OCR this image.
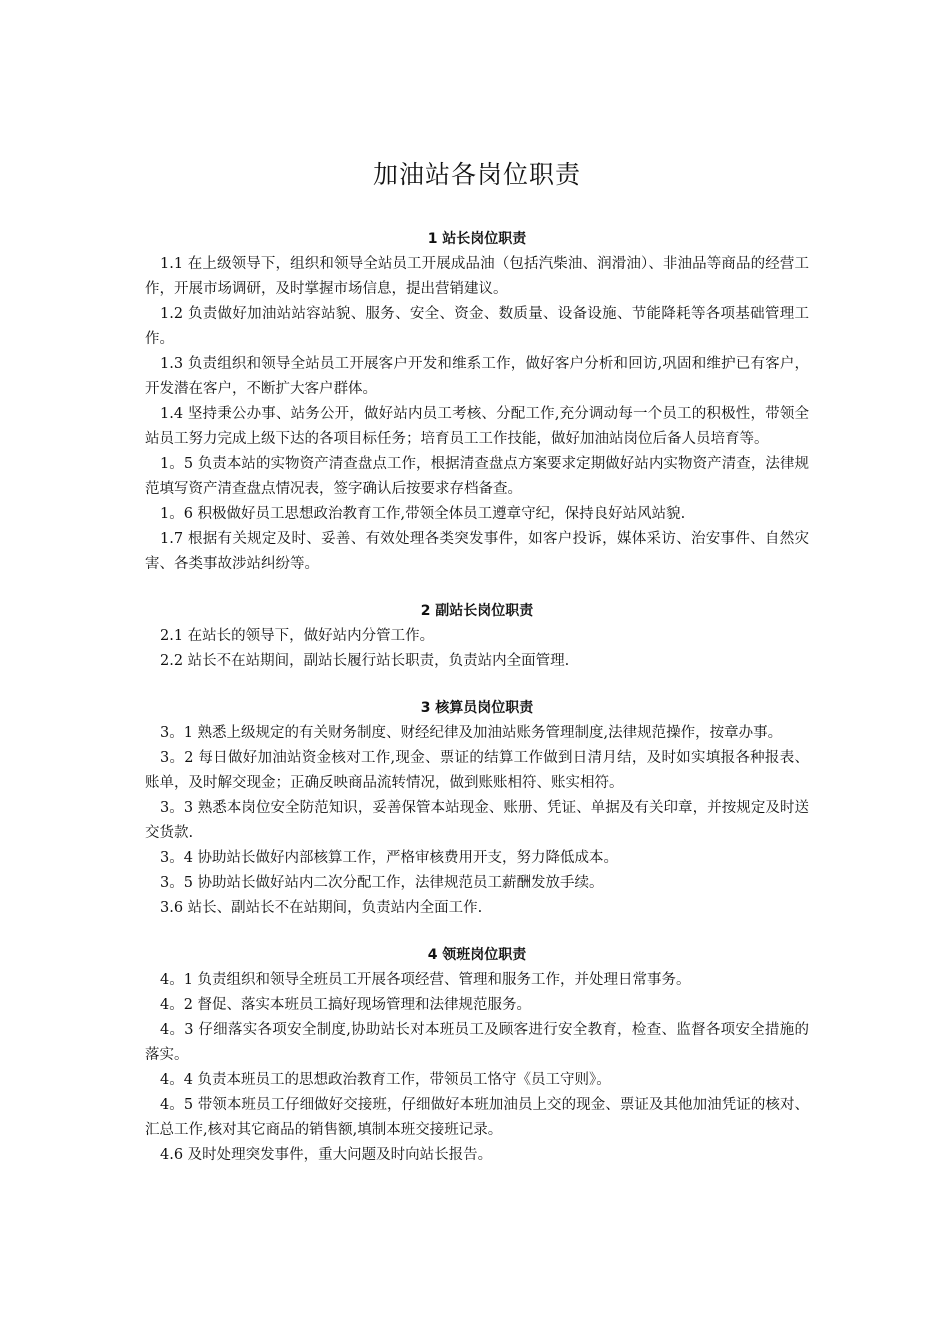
加油站各岗位职责
1 站长岗位职责

1.1 在上级领导下，组织和领导全站员工开展成品油（包括汽柴油、润滑油）、非油品等商品的经营工作，开展市场调研，及时掌握市场信息，提出营销建议。

1.2 负责做好加油站站容站貌、服务、安全、资金、数质量、设备设施、节能降耗等各项基础管理工作。

1.3 负责组织和领导全站员工开展客户开发和维系工作，做好客户分析和回访,巩固和维护已有客户，开发潜在客户，不断扩大客户群体。

1.4 坚持秉公办事、站务公开，做好站内员工考核、分配工作,充分调动每一个员工的积极性，带领全站员工努力完成上级下达的各项目标任务；培育员工工作技能，做好加油站岗位后备人员培育等。

1。5 负责本站的实物资产清查盘点工作，根据清查盘点方案要求定期做好站内实物资产清查，法律规范填写资产清查盘点情况表，签字确认后按要求存档备查。

1。6 积极做好员工思想政治教育工作,带领全体员工遵章守纪，保持良好站风站貌.

1.7 根据有关规定及时、妥善、有效处理各类突发事件，如客户投诉，媒体采访、治安事件、自然灾害、各类事故涉站纠纷等。

2 副站长岗位职责

2.1 在站长的领导下，做好站内分管工作。

2.2 站长不在站期间，副站长履行站长职责，负责站内全面管理.

3 核算员岗位职责

3。1 熟悉上级规定的有关财务制度、财经纪律及加油站账务管理制度,法律规范操作，按章办事。

3。2 每日做好加油站资金核对工作,现金、票证的结算工作做到日清月结，及时如实填报各种报表、账单，及时解交现金；正确反映商品流转情况，做到账账相符、账实相符。

3。3 熟悉本岗位安全防范知识，妥善保管本站现金、账册、凭证、单据及有关印章，并按规定及时送交货款.

3。4 协助站长做好内部核算工作，严格审核费用开支，努力降低成本。

3。5 协助站长做好站内二次分配工作，法律规范员工薪酬发放手续。

3.6 站长、副站长不在站期间，负责站内全面工作.

4 领班岗位职责

4。1 负责组织和领导全班员工开展各项经营、管理和服务工作，并处理日常事务。

4。2 督促、落实本班员工搞好现场管理和法律规范服务。

4。3 仔细落实各项安全制度,协助站长对本班员工及顾客进行安全教育，检查、监督各项安全措施的落实。

4。4 负责本班员工的思想政治教育工作，带领员工恪守《员工守则》。

4。5 带领本班员工仔细做好交接班，仔细做好本班加油员上交的现金、票证及其他加油凭证的核对、汇总工作,核对其它商品的销售额,填制本班交接班记录。

4.6 及时处理突发事件，重大问题及时向站长报告。
